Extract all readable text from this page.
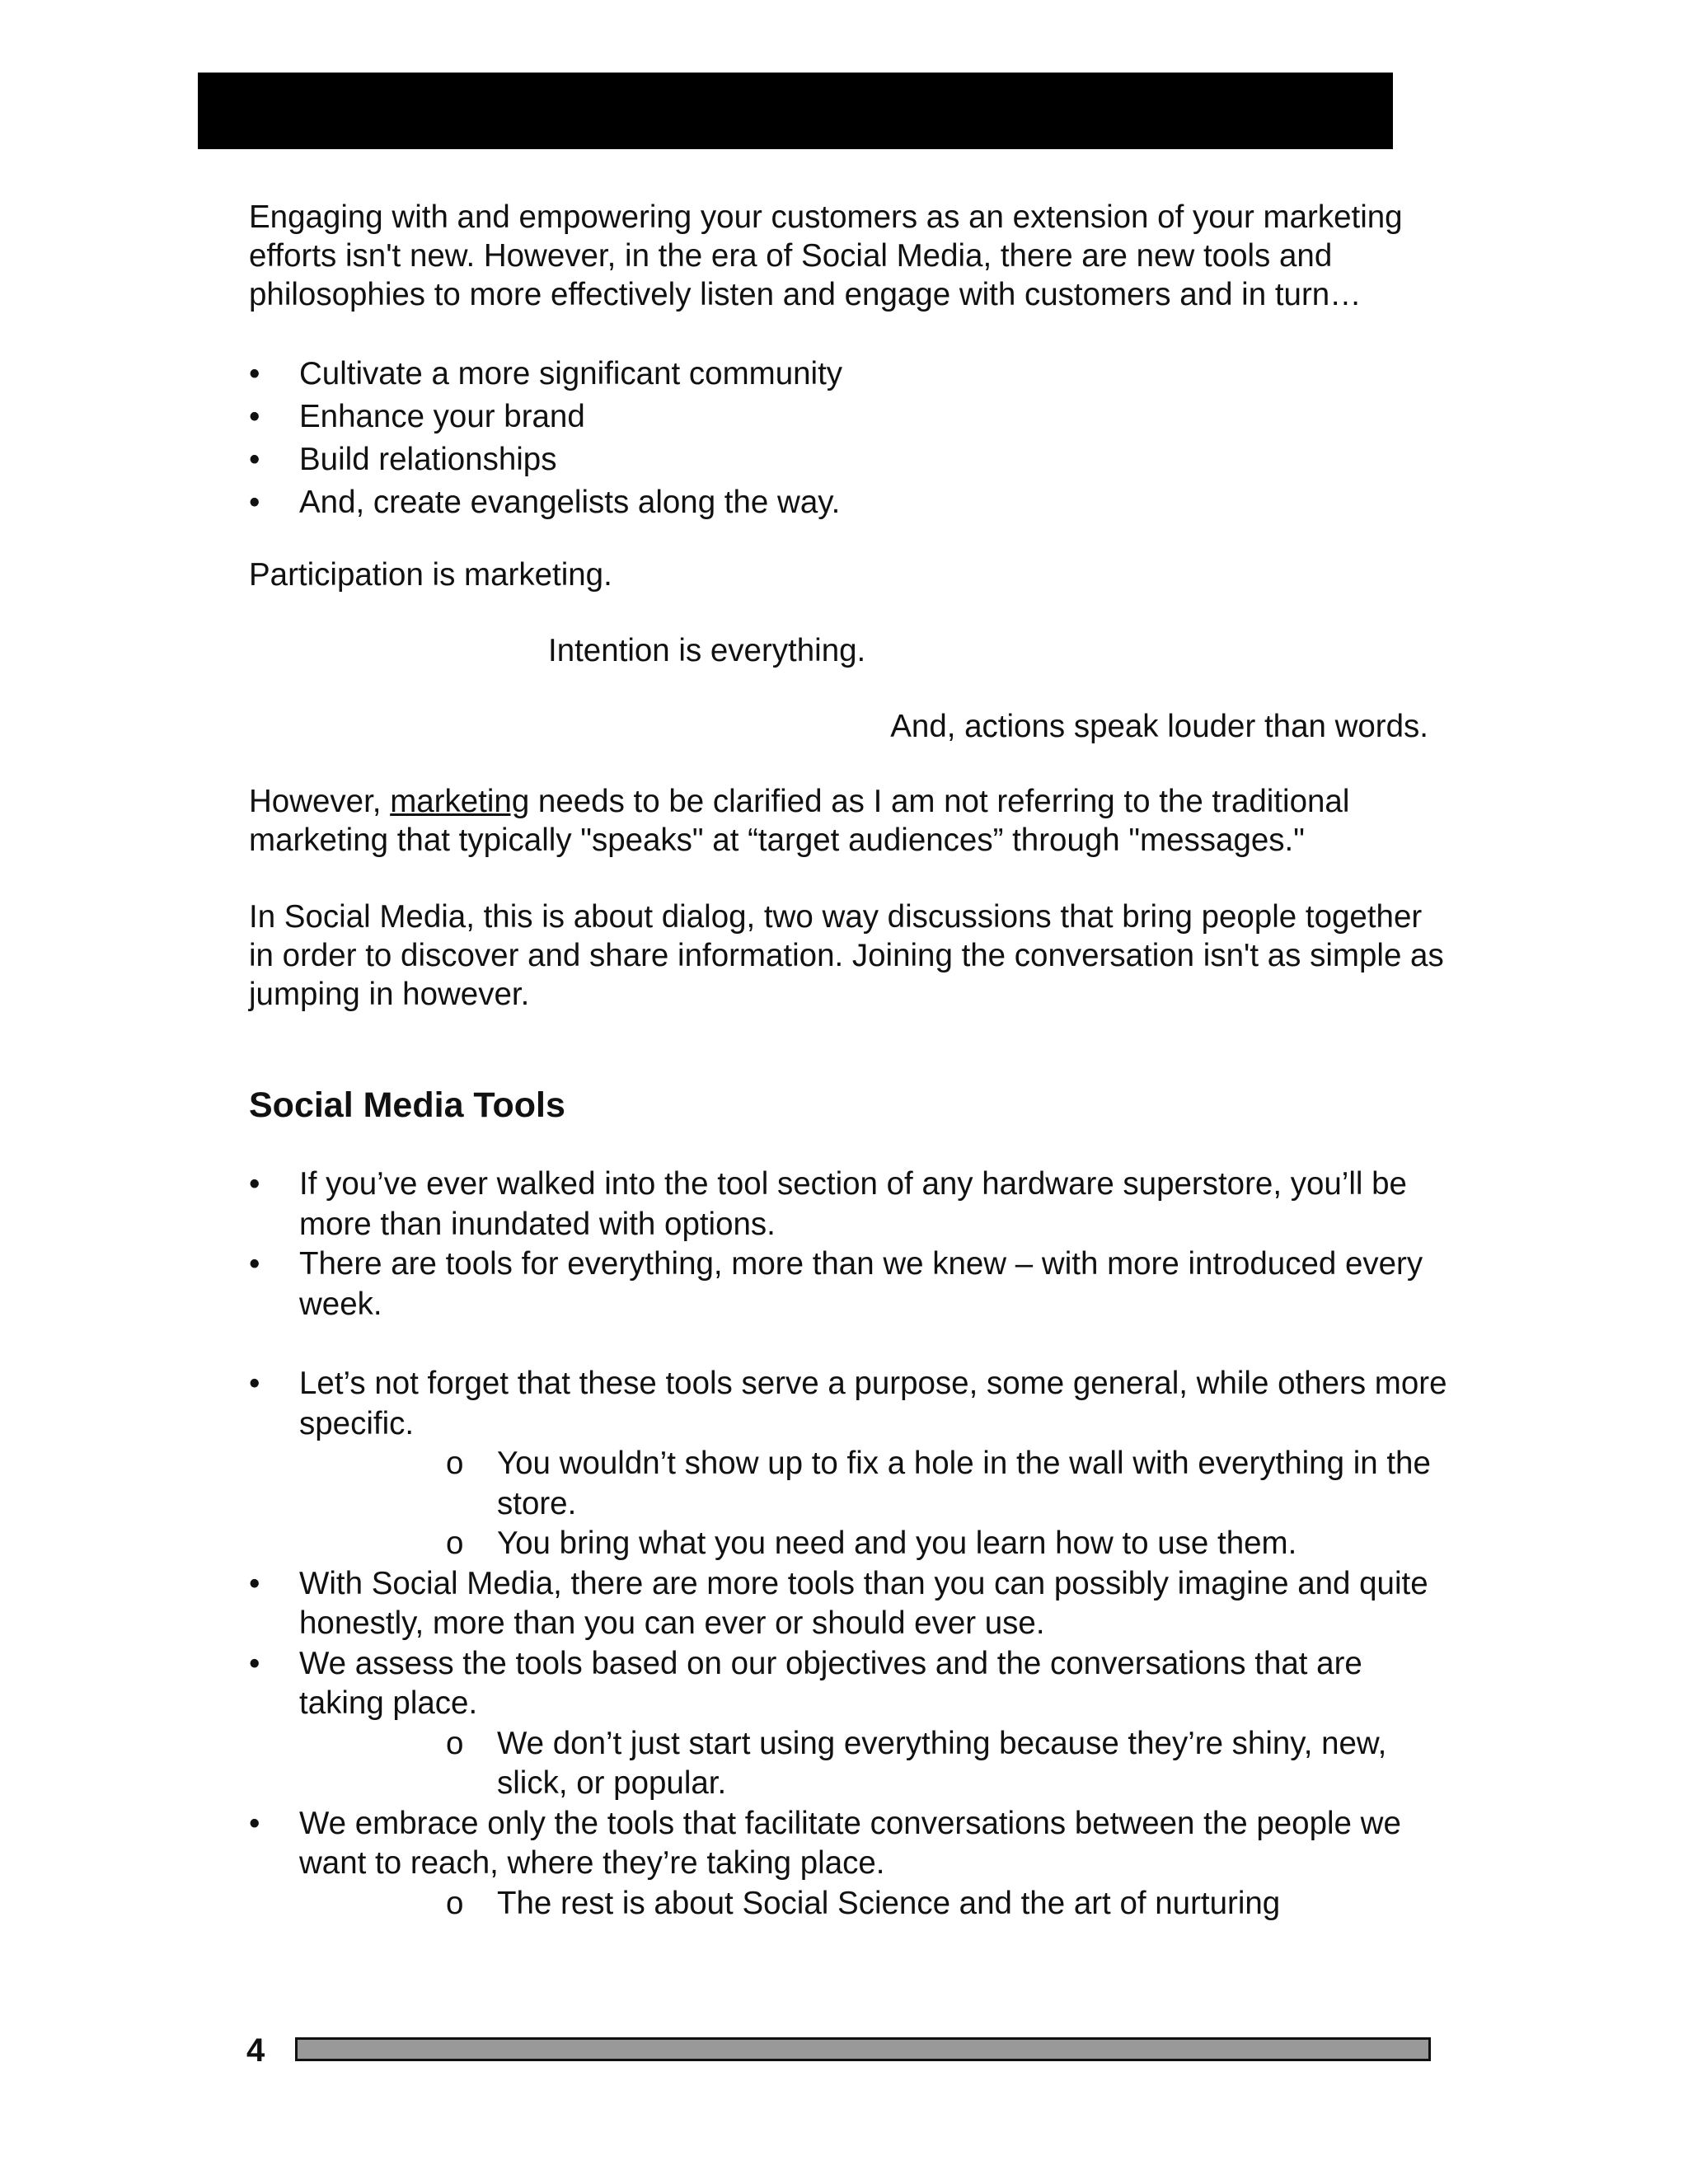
Engaging with and empowering your customers as an extension of your marketing efforts isn't new. However, in the era of Social Media, there are new tools and philosophies to more effectively listen and engage with customers and in turn…

• Cultivate a more significant community
• Enhance your brand
• Build relationships
• And, create evangelists along the way.

Participation is marketing.

Intention is everything.

And, actions speak louder than words.

However, marketing needs to be clarified as I am not referring to the traditional marketing that typically "speaks" at “target audiences” through "messages."

In Social Media, this is about dialog, two way discussions that bring people together in order to discover and share information. Joining the conversation isn't as simple as jumping in however.

Social Media Tools
• If you’ve ever walked into the tool section of any hardware superstore, you’ll be more than inundated with options.
• There are tools for everything, more than we knew – with more introduced every week.
• Let’s not forget that these tools serve a purpose, some general, while others more specific.
o You wouldn’t show up to fix a hole in the wall with everything in the store.
o You bring what you need and you learn how to use them.
• With Social Media, there are more tools than you can possibly imagine and quite honestly, more than you can ever or should ever use.
• We assess the tools based on our objectives and the conversations that are taking place.
o We don’t just start using everything because they’re shiny, new, slick, or popular.
• We embrace only the tools that facilitate conversations between the people we want to reach, where they’re taking place.
o The rest is about Social Science and the art of nurturing
4
